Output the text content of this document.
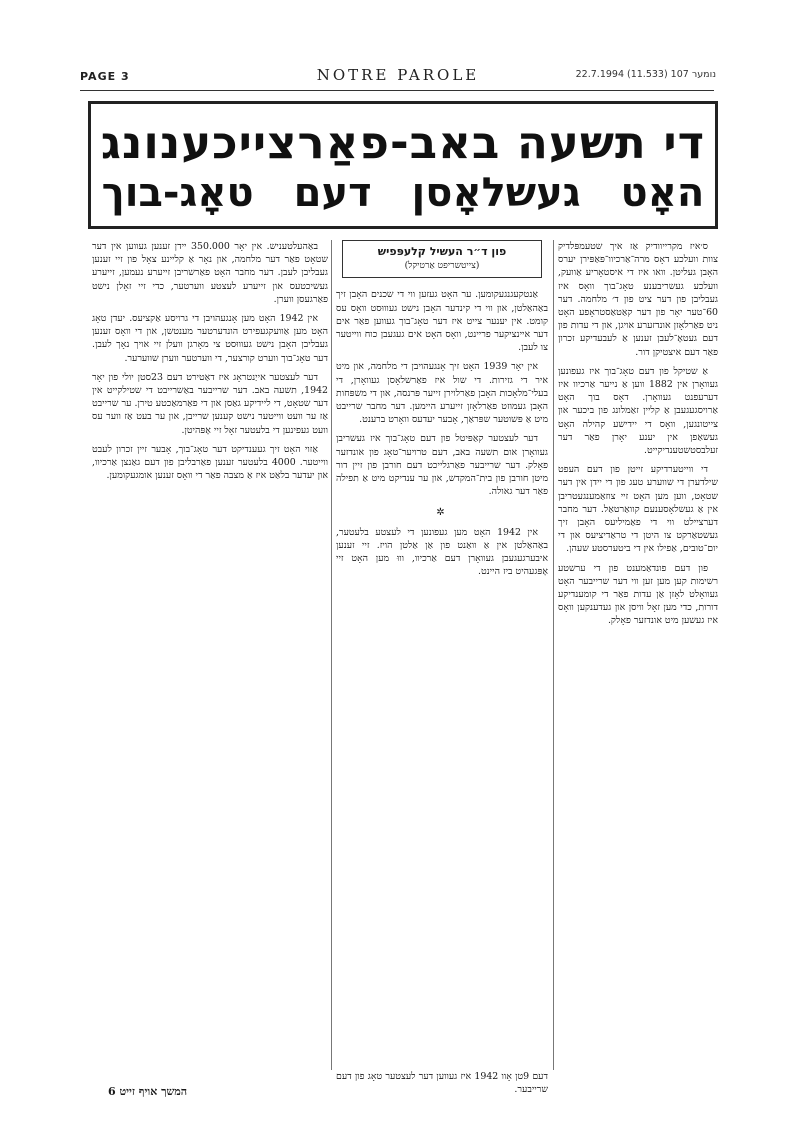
PAGE 3	NOTRE PAROLE	22.7.1994 (11.533) 107 נומער
די תשעה באב-פאַרצייכענונג
האָט געשלאָסן דעם טאָג-בוך

ס׳איז מקרייוודיק אַז איך שטעמפּלדיק צוות וועלכע דאָס מרה־אַרכיוו־פּאַפּירן יערס האָבן געליטן. וואו איז די איסטאָריע אַוועק, וועלכע געשריבענע טאָג־בוך וואָס איז געבליבן פון דער ציט פון ד׳ מלחמה. דער 60־טער יאָר פון דער קאַטאַסטראָפע האָט ניט פאַרלאָזן אונדזערע אויגן, און די עדות פון דעם געטאָ־לעבן זענען אַ לעבעדיקע זכרון פאַר דעם איצטיקן דור.

אַ שטיקל פון דעם טאָג־בוך איז געפונען געוואָרן אין 1882 ווען אַ נייער אַרכיוו איז דערעפנט געוואָרן. דאָס בוך האָט אַרויסגעגעבן אַ קליין זאַמלונג פון ביכער און צייטונגען, וואָס די יידישע קהילה האָט געשאַפן אין יענע יאָרן פאַר דער זעלבסטשטענדיקייט.

די ווייטערדיקע זייטן פון דעם העפט שילדערן די שווערע טעג פון די יידן אין דער שטאָט, ווען מען האָט זיי צוזאַמענגעטריבן אין אַ געשלאָסענעם קוואַרטאַל. דער מחבר דערציילט ווי די פאַמיליעס האָבן זיך געשטאַרקט צו היטן די טראַדיציעס און די יום־טובים, אַפילו אין די ביטערסטע שעהן.

פון דעם פונדאַמענט פון די ערשטע רשימות קען מען זען ווי דער שרייבער האָט געוואָלט לאָזן אַן עדות פאַר די קומענדיקע דורות, כדי מען זאָל וויסן און געדענקען וואָס איז געשען מיט אונדזער פאָלק.

פון ד״ר העשיל קלעפּפיש
(צייטשריפט אַרטיקל)

אַנטקעגנגעקומען. ער האָט געזען ווי די שכנים האָבן זיך באַהאַלטן, און ווי די קינדער האָבן נישט געוווּסט וואָס עס קומט. אין יענער צייט איז דער טאָג־בוך געווען פאַר אים דער איינציקער פריינט, וואָס האָט אים געגעבן כוח ווייטער צו לעבן.

אין יאָר 1939 האָט זיך אָנגעהויבן די מלחמה, און מיט איר די גזירות. די שול איז פאַרשלאָסן געוואָרן, די בעלי־מלאָכות האָבן פאַרלוירן זייער פּרנסה, און די משפּחות האָבן געמוזט פאַרלאָזן זייערע היימען. דער מחבר שרייבט מיט אַ פּשוטער שפּראַך, אָבער יעדעס וואָרט ברענט.

דער לעצטער קאַפּיטל פון דעם טאָג־בוך איז געשריבן געוואָרן אום תשעה באב, דעם טרויער־טאָג פון אונדזער פאָלק. דער שרייבער פאַרגלייכט דעם חורבן פון זיין דור מיטן חורבן פון בית־המקדש, און ער ענדיקט מיט אַ תפילה פאַר דער גאולה.

✲

אין 1942 האָט מען געפונען די לעצטע בלעטער, באַהאַלטן אין אַ וואַנט פון אַן אַלטן הויז. זיי זענען איבערגעגעבן געוואָרן דעם אַרכיוו, וווּ מען האָט זיי אָפּגעהיט ביז היינט.

באַהעלטעניש. אין יאָר 350.000 יידן זענען געווען אין דער שטאָט פאַר דער מלחמה, און נאָר אַ קליינע צאָל פון זיי זענען געבליבן לעבן. דער מחבר האָט פאַרשריבן זייערע נעמען, זייערע געשיכטעס און זייערע לעצטע ווערטער, כדי זיי זאָלן נישט פאַרגעסן ווערן.

אין 1942 האָט מען אָנגעהויבן די גרויסע אַקציעס. יעדן טאָג האָט מען אַוועקגעפירט הונדערטער מענטשן, און די וואָס זענען געבליבן האָבן נישט געוווּסט צי מאָרגן וועלן זיי אויך נאָך לעבן. דער טאָג־בוך ווערט קורצער, די ווערטער ווערן שווערער.

דער לעצטער אייַנטראָג איז דאַטירט דעם 23סטן יולי פון יאָר 1942, תשעה באב. דער שרייבער באַשרייבט די שטילקייט אין דער שטאָט, די ליידיקע גאַסן און די פאַרמאַכטע טירן. ער שרייבט אַז ער וועט ווייטער נישט קענען שרייבן, און ער בעט אַז ווער עס וועט געפינען די בלעטער זאָל זיי אָפּהיטן.

אַזוי האָט זיך געענדיקט דער טאָג־בוך, אָבער זיין זכרון לעבט ווייטער. 4000 בלעטער זענען פאַרבליבן פון דעם גאַנצן אַרכיוו, און יעדער בלאַט איז אַ מצבה פאַר די וואָס זענען אומגעקומען.

דעם 9טן אָוו 1942 איז געווען דער לעצטער טאָג פון דעם שרייבער.
המשך אויף זייט 6
